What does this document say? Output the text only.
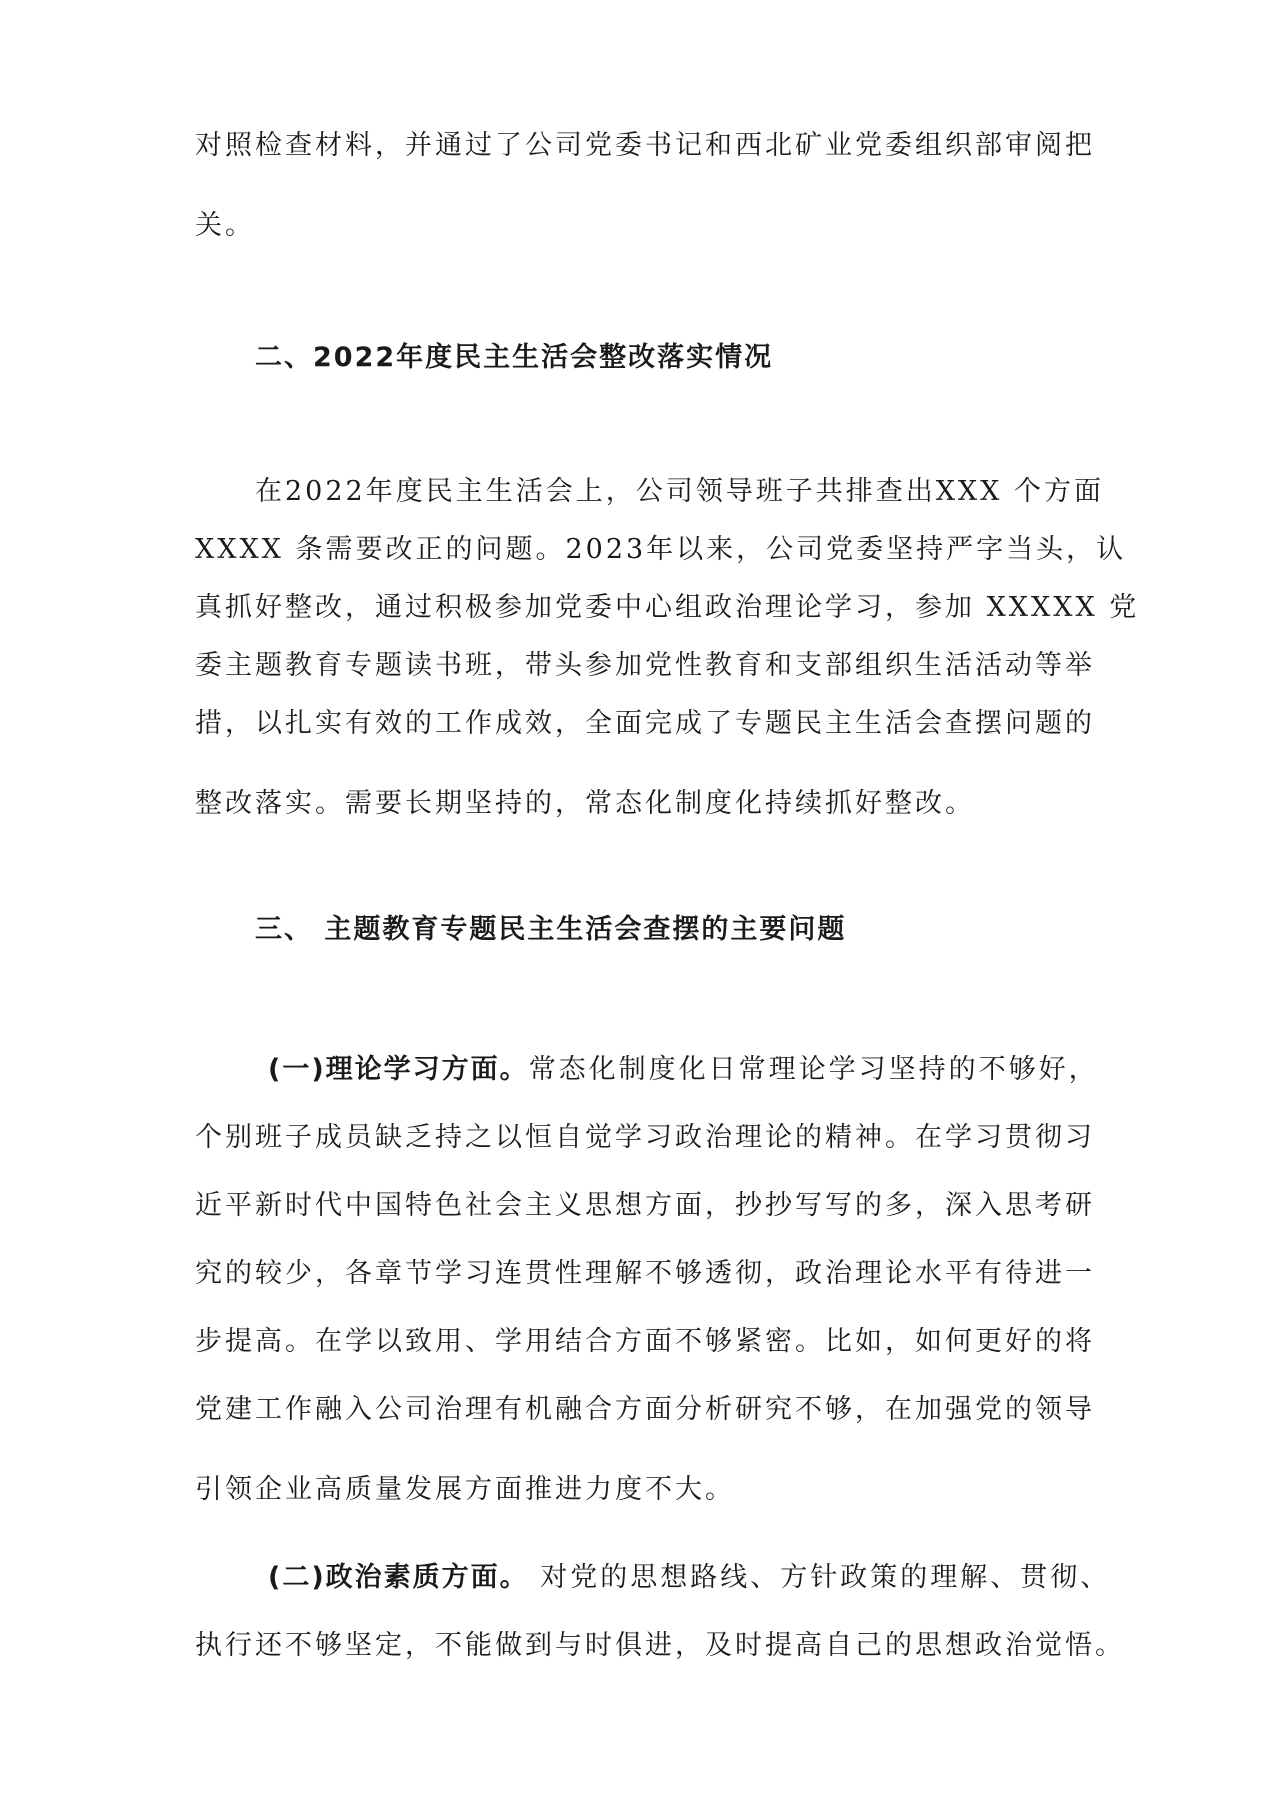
对照检查材料，并通过了公司党委书记和西北矿业党委组织部审阅把
关。
二、2022年度民主生活会整改落实情况
在2022年度民主生活会上，公司领导班子共排查出XXX 个方面
XXXX 条需要改正的问题。2023年以来，公司党委坚持严字当头，认
真抓好整改，通过积极参加党委中心组政治理论学习，参加 XXXXX 党
委主题教育专题读书班，带头参加党性教育和支部组织生活活动等举
措，以扎实有效的工作成效，全面完成了专题民主生活会查摆问题的
整改落实。需要长期坚持的，常态化制度化持续抓好整改。
三、 主题教育专题民主生活会查摆的主要问题
(一)理论学习方面。常态化制度化日常理论学习坚持的不够好，
个别班子成员缺乏持之以恒自觉学习政治理论的精神。在学习贯彻习
近平新时代中国特色社会主义思想方面，抄抄写写的多，深入思考研
究的较少，各章节学习连贯性理解不够透彻，政治理论水平有待进一
步提高。在学以致用、学用结合方面不够紧密。比如，如何更好的将
党建工作融入公司治理有机融合方面分析研究不够，在加强党的领导
引领企业高质量发展方面推进力度不大。
(二)政治素质方面。 对党的思想路线、方针政策的理解、贯彻、
执行还不够坚定，不能做到与时俱进，及时提高自己的思想政治觉悟。
